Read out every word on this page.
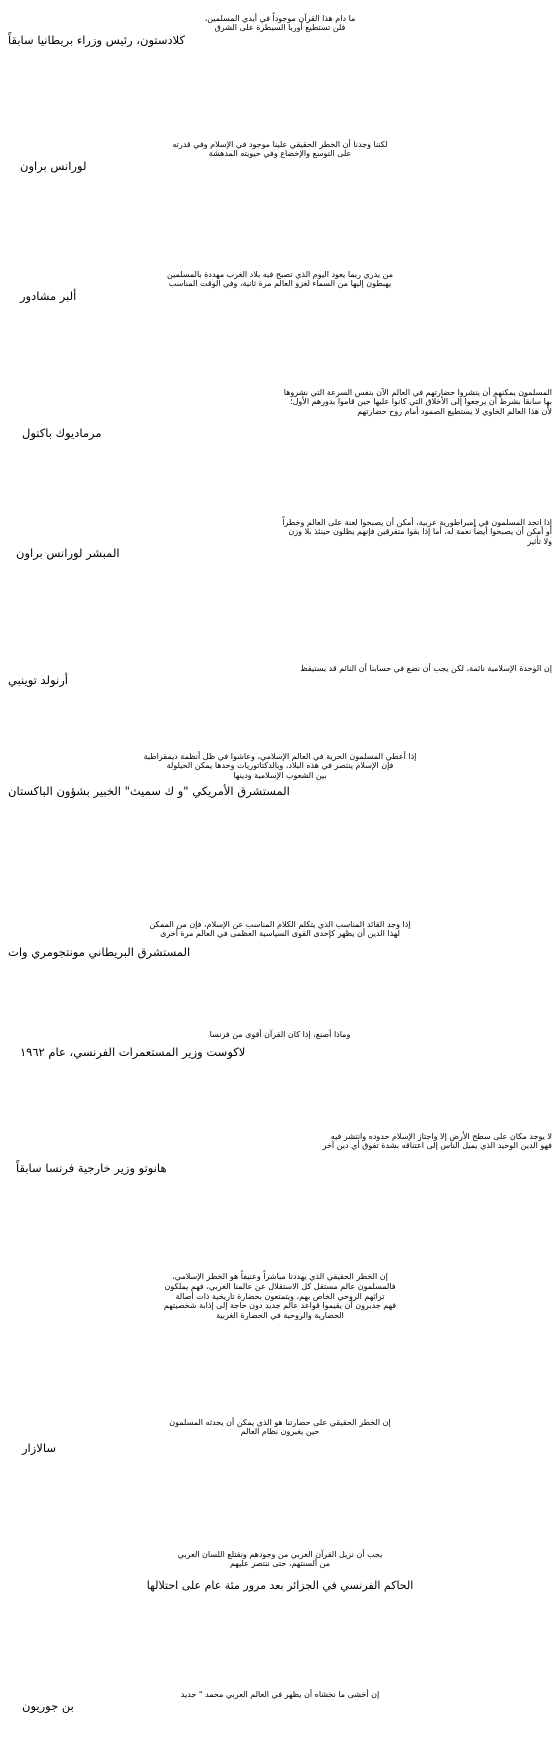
ما دام هذا القرآن موجوداً في أيدي المسلمين،
فلن تستطيع أوربا السيطرة على الشرق
كلادستون، رئيس وزراء بريطانيا سابقاً
لكننا وجدنا أن الخطر الحقيقي علينا موجود في الإسلام وفي قدرته
على التوسع والإخضاع وفي حيويته المدهشة
لورانس براون
من يدري ربما يعود اليوم الذي تصبح فيه بلاد الغرب مهددة بالمسلمين
يهبطون إليها من السماء لغزو العالم مرة ثانية، وفي الوقت المناسب
ألبر مشادور
المسلمون يمكنهم أن ينشروا حضارتهم في العالم الآن بنفس السرعة التي نشروها
بها سابقاً بشرط أن يرجعوا إلى الأخلاق التي كانوا عليها حين قاموا بدورهم الأول؛
لأن هذا العالم الخاوي لا يستطيع الصمود أمام روح حضارتهم
مرماديوك باكتول
إذا اتحد المسلمون في إمبراطورية عربية، أمكن أن يصبحوا لعنة على العالم وخطراً
أو أمكن أن يصبحوا أيضاً نعمة له، أما إذا بقوا متفرقين فإنهم يظلون حينئذ بلا وزن
ولا تأثير
المبشر لورانس براون
إن الوحدة الإسلامية نائمة، لكن يجب أن نضع في حسابنا أن النائم قد يستيقظ
أرنولد توينبي
إذا أعطي المسلمون الحرية في العالم الإسلامي، وعاشوا في ظل أنظمة ديمقراطية
فإن الإسلام ينتصر في هذه البلاد، وبالدكتاتوريات وحدها يمكن الحيلولة
بين الشعوب الإسلامية ودينها
المستشرق الأمريكي "و ك سميث" الخبير بشؤون الباكستان
إذا وجد القائد المناسب الذي يتكلم الكلام المناسب عن الإسلام، فإن من الممكن
لهذا الدين أن يظهر كإحدى القوى السياسية العظمى في العالم مرة أخرى
المستشرق البريطاني مونتجومري وات
وماذا أصنع، إذا كان القرآن أقوى من فرنسا
لاكوست وزير المستعمرات الفرنسي، عام ١٩٦٢
لا يوجد مكان على سطح الأرض إلا واجتاز الإسلام حدوده وانتشر فيه
فهو الدين الوحيد الذي يميل الناس إلى اعتناقه بشدة تفوق أي دين آخر
هانوتو وزير خارجية فرنسا سابقاً
إن الخطر الحقيقي الذي يهددنا مباشراً وعنيفاً هو الخطر الإسلامي،
فالمسلمون عالم مستقل كل الاستقلال عن عالمنا الغربي، فهم يملكون
تراثهم الروحي الخاص بهم، ويتمتعون بحضارة تاريخية ذات أصالة
فهم جديرون أن يقيموا قواعد عالم جديد دون حاجة إلى إذابة شخصيتهم
الحضارية والروحية في الحضارة الغربية
إن الخطر الحقيقي على حضارتنا هو الذي يمكن أن يحدثه المسلمون
حين يغيرون نظام العالم
سالازار
يجب أن نزيل القرآن العربي من وجودهم ونقتلع اللسان العربي
من ألسنتهم، حتى ننتصر عليهم
الحاكم الفرنسي في الجزائر بعد مرور مئة عام على احتلالها
إن أخشى ما نخشاه أن يظهر في العالم العربي محمد " جديد
بن جوريون
